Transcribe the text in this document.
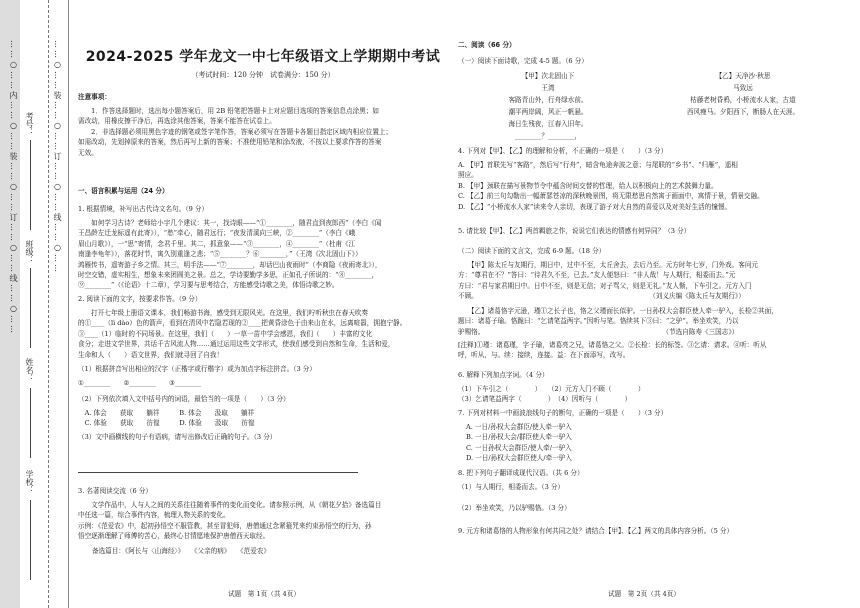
……○……内……○……装……○……订……○……线……○……	……○……装……○……订……○……线……○……
学校：
姓名：
班级：
考号：
2024-2025 学年龙文一中七年级语文上学期期中考试
（考试时间：120 分钟　试卷满分：150 分）
注意事项：
　　1．作答选择题时，选出每小题答案后，用 2B 铅笔把答题卡上对应题目选项的答案信息点涂黑；如
需改动，用橡皮擦干净后，再选涂其他答案，答案不能答在试卷上。
　　2．非选择题必须用黑色字迹的钢笔或签字笔作答，答案必须写在答题卡各题目指定区域内相应位置上；
如需改动，先划掉原来的答案，然后再写上新的答案；不准使用铅笔和涂改液，不按以上要求作答的答案
无效。
一、语言积累与运用（24 分）
1. 根据情境，补写出古代诗文名句。（9 分）
　　如何学习古诗？老师给小宇几个建议：其一，找诗眼——“①________，随君直到夜郎西”（李白《闻
王昌龄左迁龙标遥有此寄》），“愁”牵心，随君远行；“夜发清溪向三峡，②________”（李白《峨
眉山月歌》），一“思”寄情，念君千里。其二，抓意象——“③________，④________”（杜甫《江
南逢李龟年》），落花时节，寓久别重逢之悲；“⑤________？⑥________，”（王湾《次北固山下》）
鸿雁传书，遥寄游子乡之情。其三，明手法——“⑦________，却话巴山夜雨时”（李商隐《夜雨寄北》），
时空交错，虚实相生，想象未来团圆美之景。总之，学诗要勤学多思，正如孔子所说的：“⑧________，
⑨________”（《论语》十二章），学习要与思考结合，方能感受诗歌之美，体悟诗歌之妙。
2. 阅读下面的文字，按要求作答。（9 分）
　　打开七年级上册语文课本，我们畅游书海，感受到无限风光。在这里，我们咛听秋虫在春天吹奏
的①____（lì dào）色的箭声，看到在清风中若隐若现的②____把黄昏涂色于由来山在水，远离喧嚣，拥抱宁静。
③____（1）临时的不同场景。在这里，我们（　　）一草一苗中学会感恩，我们（　　）丰富的文化
食分；走进文学世界，共话千古风流人物……通过运用这些文学形式，使我们感受到自然和生命，生活和爱，
生命和人（　　）语文世界，我们就寻回了自我！
（1）根据拼音写出相应的汉字（正楷字或行楷字）或为加点字标注拼音。（3 分）
①________　　②________　　③________
（2）下列依次填入文中括号内的词语，最恰当的一项是（　　）（3 分）
　A. 体会　　获取　　躺祥　　　B. 体会　　汲取　　躺祥
　C. 体验　　获取　　彷徨　　　D. 体验　　汲取　　彷徨
（3）文中画横线的句子有语病，请写出修改后正确的句子。（3 分）
3. 名著阅读交流（6 分）
　　文学作品中，人与人之间的关系往往随着事件的变化而变化。请参照示例，从《朝花夕拾》备选篇目
中任选一篇，综合事件内容，梳理人物关系的变化。
示例：《范爱农》中，起初孙悟空不服管教，甚至冒犯师，唐僧通过念紧箍咒来约束孙悟空的行为，孙
悟空逐渐理解了师傅的苦心，最终心甘情愿地保护唐僧西天取经。
备选篇目：《阿长与〈山海经〉》　　《父亲的病》　　《范爱农》
试题　第 1页（共 4页）
二、阅读（66 分）
（一）阅读下面诗歌，完成 4-5 题。（6 分）
【甲】次北固山下
王湾
客路青山外，行舟绿水前。
潮平两岸阔，风正一帆悬。
海日生残夜，江春入旧年。
________？________，
【乙】天净沙·秋思
马致远
枯藤老树昏鸦，小桥流水人家，古道
西风瘦马。夕阳西下，断肠人在天涯。
4. 下列对【甲】、【乙】的理解和分析，不正确的一项是（　　）（3 分）
A. 【甲】首联先写“客路”，然后写“行舟”，暗含龟途奔波之意；与尾联的“乡书”、“归雁”，遥相
照应。
B. 【甲】颈联在描写景物节令中蕴含时间交替的哲理，给人以积极向上的艺术鼓舞力量。
C. 【乙】前三句勾勒出一幅萧瑟苍凉的深秋晚景图，将无限愁思自然寓于画面中，寓情于景，情景交融。
D. 【乙】“小桥流水人家”读来令人亲切，表现了游子对大自然的喜爱以及对美好生活的憧憬。
5. 请比较【甲】、【乙】两首羁旅之作，说说它们表达的情感有何异同？（3 分）
（二）阅读下面的文言文，完成 6-9 题。（18 分）
　　【甲】陈太丘与友期行，期日中，过中不至，太丘舍去，去后乃至。元方时年七岁，门外戏。客问元
方：“尊君在不？”答曰：“待君久不至，已去。”友人便怒曰：“非人哉！与人期行，相委而去。”元
方曰：“君与家君期日中。日中不至，则是无信；对子骂父，则是无礼。”友人惭，下车引之。元方入门
不顾。　　　　　　　　　　　　　　　　　　　　　　　　　　　（刘义庆编《陈太丘与友期行》）
　　【乙】诸葛恪字元逊，瑾①之长子也，恪之父瑾面长似驴。一日孙权大会群臣使人牵一驴入，长检②其面，
题曰：诸葛子瑜。恪跪曰：“乞请笔益两字。”因听与笔。恪续其下③曰：“之驴”。举坐欢笑，乃以
驴赐恪。　　　　　　　　　　　　　　　　　　　　　　　　　　　　（节选自陈寿《三国志》）
[注释]①瑾：诸葛瑾，字子瑜，诸葛亮之兄，诸葛恪之父。②长检：长的标签。③乞请：请求。④听：听从
呼，听从，与。续：接续，连接。益：在下面添写，改写。
6. 解释下列加点字词。（4 分）
（1）下车引之（　　　　）　　（2）元方入门不顾（　　　　）
（3）乞请笔益两字（　　　　）　（4）因听与（　　　　）
7. 下列对材料一中画波浪线句子的断句，正确的一项是（　　）（3 分）
A. 一日/孙权大会群臣/使人牵一驴入
B. 一日/孙权大会/群臣使人牵一驴入
C. 一日孙权大会群臣/使人牵/一驴入
D. 一日/孙权大会群臣使人/牵一驴入
8. 把下列句子翻译成现代汉语。（共 6 分）
（1）与人期行，相委而去。（3 分）

（2）举坐欢笑，乃以驴赐恪。（3 分）
9. 元方和诸葛恪的人物形象有何共同之处？请结合【甲】、【乙】两文的具体内容分析。（5 分）
试题　第 2页（共 4页）
